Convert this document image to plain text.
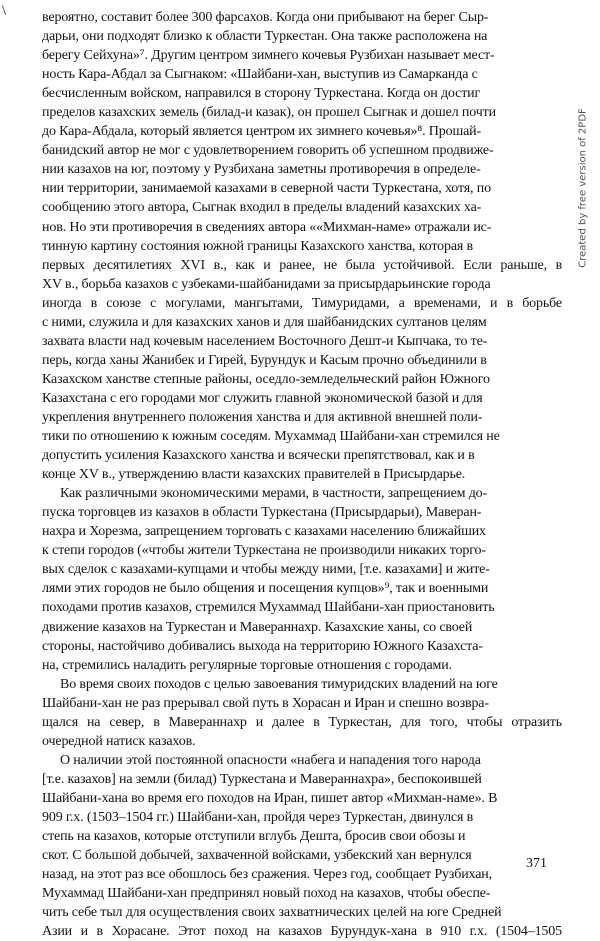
\	вероятно, составит более 300 фарсахов. Когда они прибывают на берег Сыр-
дарьи, они подходят близко к области Туркестан. Она также расположена на
берегу Сейхуна»⁷. Другим центром зимнего кочевья Рузбихан называет мест-
ность Кара-Абдал за Сыгнаком: «Шайбани-хан, выступив из Самарканда с
бесчисленным войском, направился в сторону Туркестана. Когда он достиг
пределов казахских земель (билад-и казак), он прошел Сыгнак и дошел почти
до Кара-Абдала, который является центром их зимнего кочевья»⁸. Прошай-
банидский автор не мог с удовлетворением говорить об успешном продвиже-
нии казахов на юг, поэтому у Рузбихана заметны противоречия в определе-
нии территории, занимаемой казахами в северной части Туркестана, хотя, по
сообщению этого автора, Сыгнак входил в пределы владений казахских ха-
нов. Но эти противоречия в сведениях автора ««Михман-наме» отражали ис-
тинную картину состояния южной границы Казахского ханства, которая в
первых десятилетиях XVI в., как и ранее, не была устойчивой. Если раньше, в
XV в., борьба казахов с узбеками-шайбанидами за присырдарьинские города
иногда в союзе с могулами, мангытами, Тимуридами, а временами, и в борьбе
с ними, служила и для казахских ханов и для шайбанидских султанов целям
захвата власти над кочевым населением Восточного Дешт-и Кыпчака, то те-
перь, когда ханы Жанибек и Гирей, Бурундук и Касым прочно объединили в
Казахском ханстве степные районы, оседло-земледельческий район Южного
Казахстана с его городами мог служить главной экономической базой и для
укрепления внутреннего положения ханства и для активной внешней поли-
тики по отношению к южным соседям. Мухаммад Шайбани-хан стремился не
допустить усиления Казахского ханства и всячески препятствовал, как и в
конце XV в., утверждению власти казахских правителей в Присырдарье.
Как различными экономическими мерами, в частности, запрещением до-
пуска торговцев из казахов в области Туркестана (Присырдарьи), Мавеpан-
нахра и Хорезма, запрещением торговать с казахами населению ближайших
к степи городов («чтобы жители Туркестана не производили никаких торго-
вых сделок с казахами-купцами и чтобы между ними, [т.е. казахами] и жите-
лями этих городов не было общения и посещения купцов»⁹, так и военными
походами против казахов, стремился Мухаммад Шайбани-хан приостановить
движение казахов на Туркестан и Мавераннахр. Казахские ханы, со своей
стороны, настойчиво добивались выхода на территорию Южного Казахста-
на, стремились наладить регулярные торговые отношения с городами.
Во время своих походов с целью завоевания тимуридских владений на юге
Шайбани-хан не раз прерывал свой путь в Хорасан и Иран и спешно возвра-
щался на север, в Мавераннахр и далее в Туркестан, для того, чтобы отразить
очередной натиск казахов.
О наличии этой постоянной опасности «набега и нападения того народа
[т.е. казахов] на земли (билад) Туркестана и Мавераннахра», беспокоившей
Шайбани-хана во время его походов на Иран, пишет автор «Михман-наме». В
909 г.х. (1503–1504 гг.) Шайбани-хан, пройдя через Туркестан, двинулся в
степь на казахов, которые отступили вглубь Дешта, бросив свои обозы и
скот. С большой добычей, захваченной войсками, узбекский хан вернулся
назад, на этот раз все обошлось без сражения. Через год, сообщает Рузбихан,
Мухаммад Шайбани-хан предпринял новый поход на казахов, чтобы обеспе-
чить себе тыл для осуществления своих захватнических целей на юге Средней
Азии и в Хорасане. Этот поход на казахов Бурундук-хана в 910 г.х. (1504–1505
Created by free version of 2PDF
371
